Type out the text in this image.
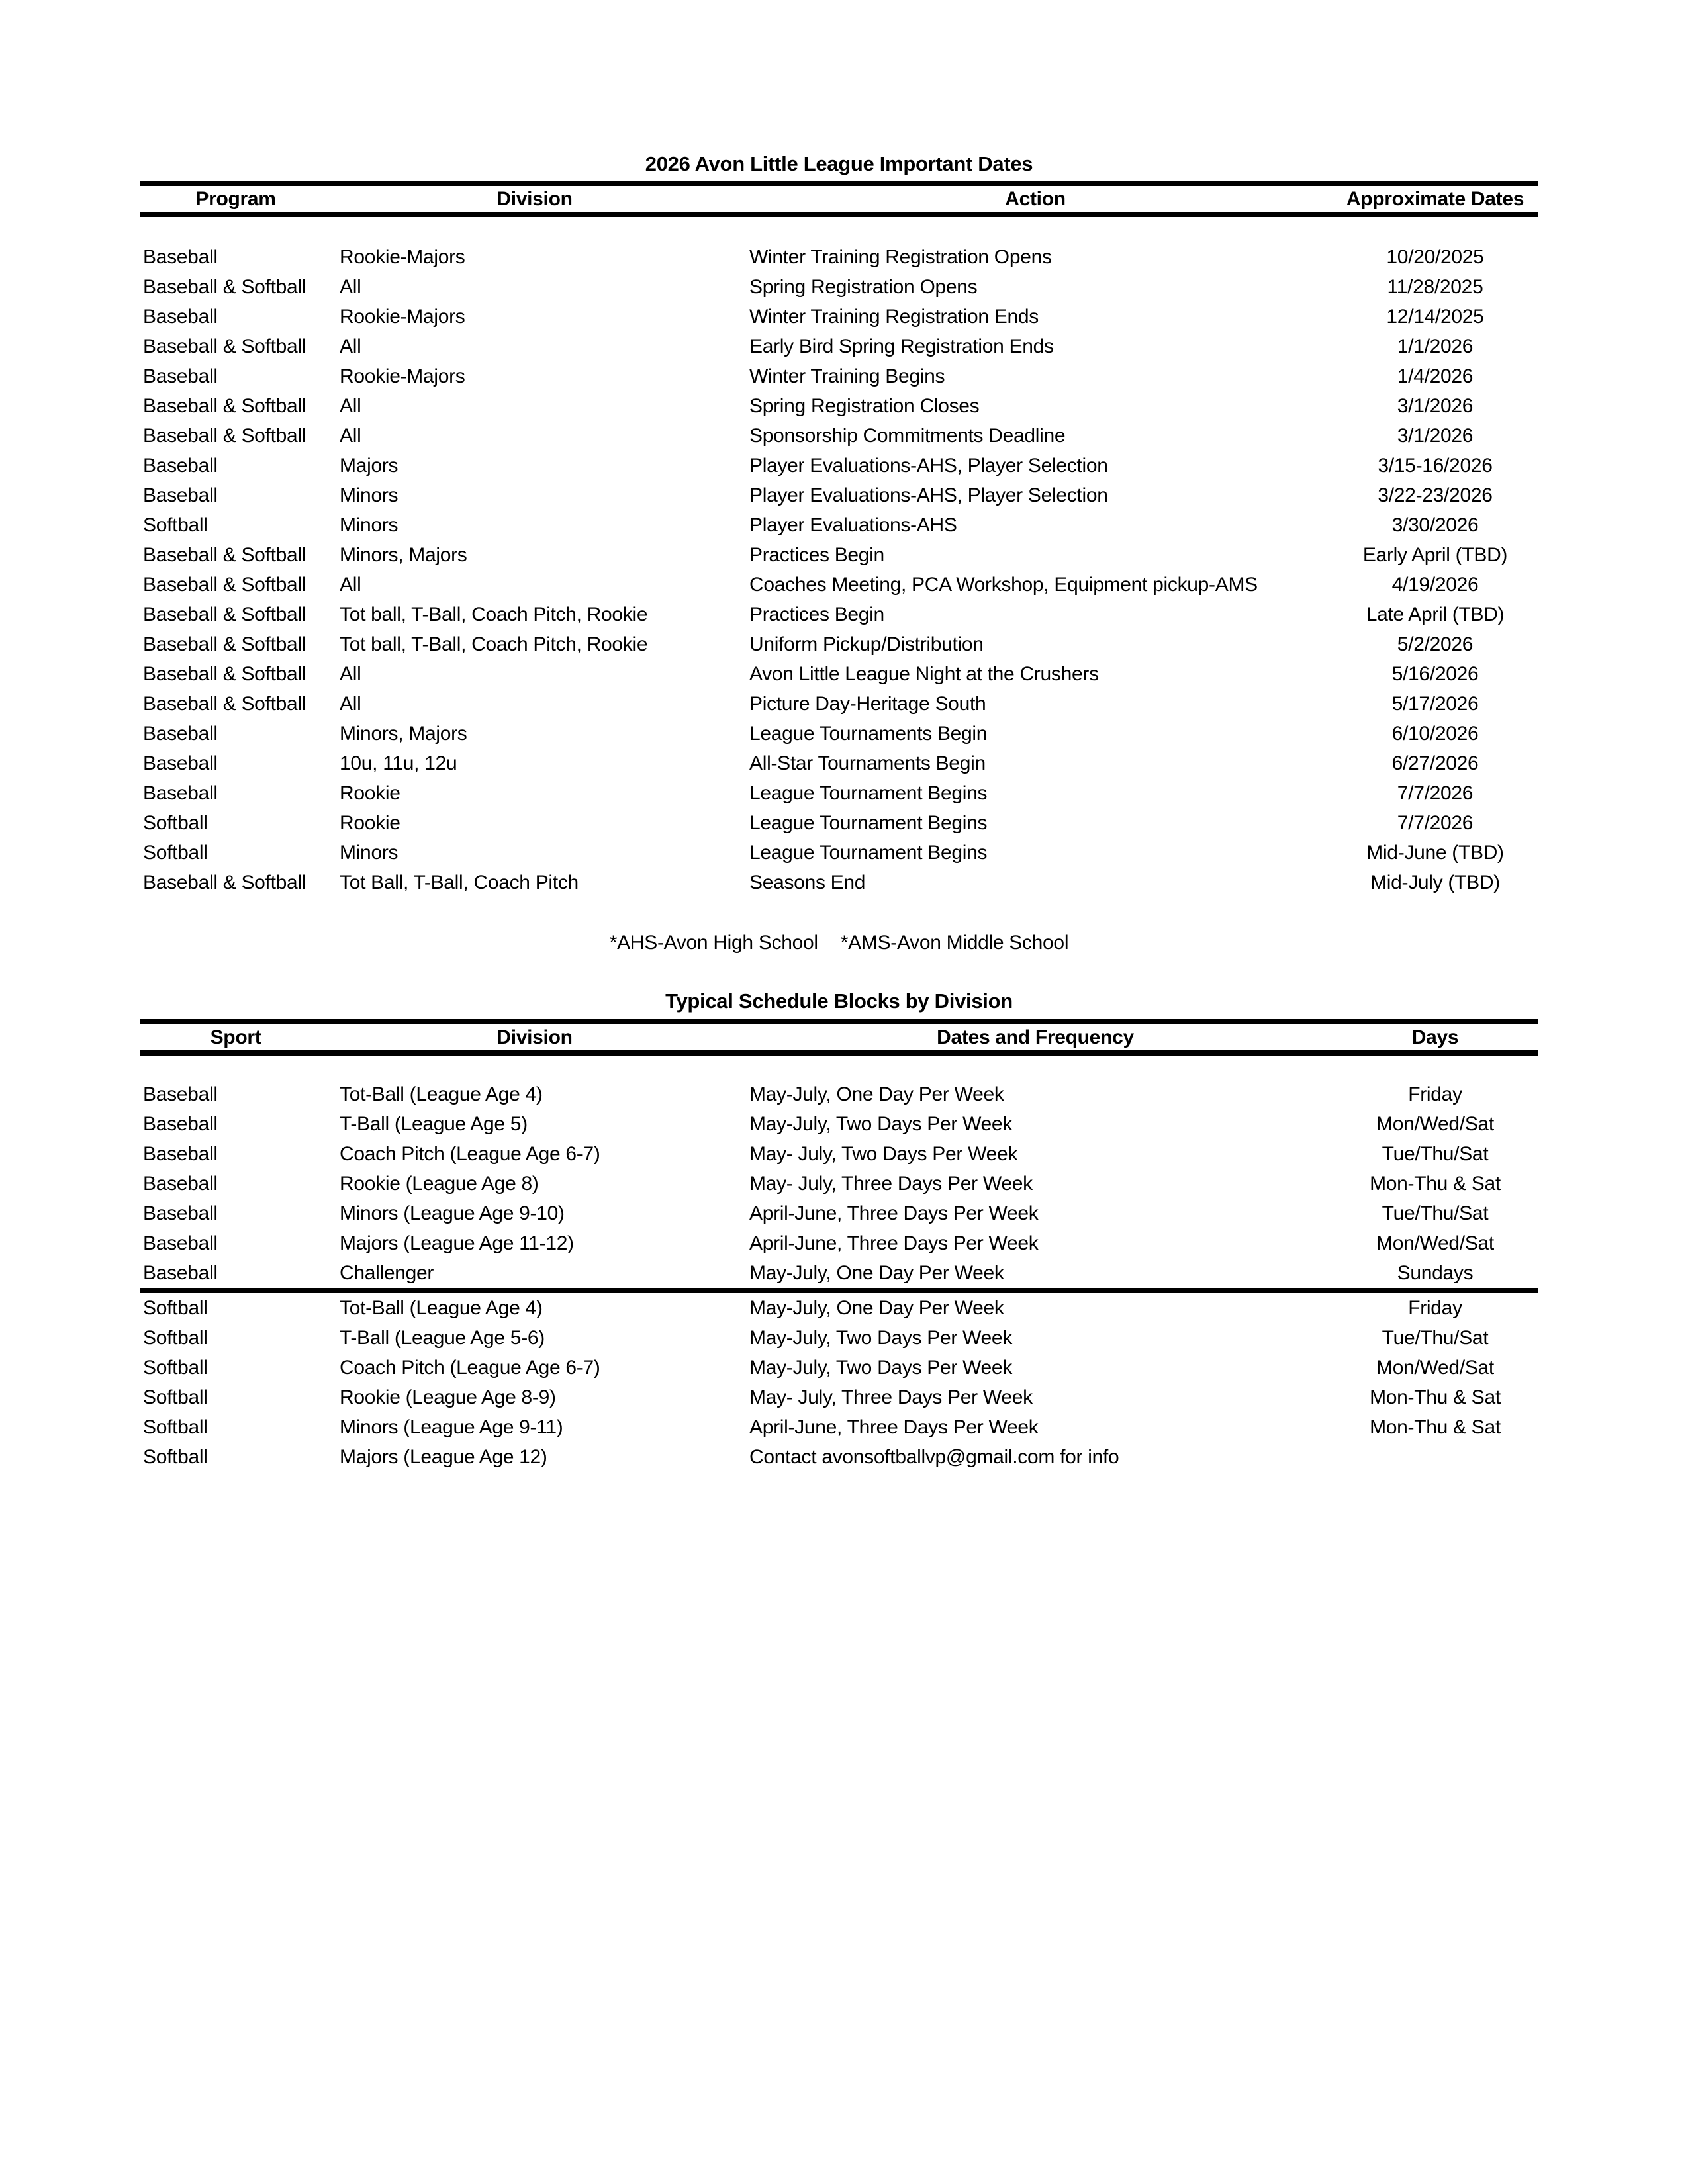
2026 Avon Little League Important Dates
Program	Division	Action	Approximate Dates
Baseball	Rookie-Majors	Winter Training Registration Opens	10/20/2025
Baseball & Softball	All	Spring Registration Opens	11/28/2025
Baseball	Rookie-Majors	Winter Training Registration Ends	12/14/2025
Baseball & Softball	All	Early Bird Spring Registration Ends	1/1/2026
Baseball	Rookie-Majors	Winter Training Begins	1/4/2026
Baseball & Softball	All	Spring Registration Closes	3/1/2026
Baseball & Softball	All	Sponsorship Commitments Deadline	3/1/2026
Baseball	Majors	Player Evaluations-AHS, Player Selection	3/15-16/2026
Baseball	Minors	Player Evaluations-AHS, Player Selection	3/22-23/2026
Softball	Minors	Player Evaluations-AHS	3/30/2026
Baseball & Softball	Minors, Majors	Practices Begin	Early April (TBD)
Baseball & Softball	All	Coaches Meeting, PCA Workshop, Equipment pickup-AMS	4/19/2026
Baseball & Softball	Tot ball, T-Ball, Coach Pitch, Rookie	Practices Begin	Late April (TBD)
Baseball & Softball	Tot ball, T-Ball, Coach Pitch, Rookie	Uniform Pickup/Distribution	5/2/2026
Baseball & Softball	All	Avon Little League Night at the Crushers	5/16/2026
Baseball & Softball	All	Picture Day-Heritage South	5/17/2026
Baseball	Minors, Majors	League Tournaments Begin	6/10/2026
Baseball	10u, 11u, 12u	All-Star Tournaments Begin	6/27/2026
Baseball	Rookie	League Tournament Begins	7/7/2026
Softball	Rookie	League Tournament Begins	7/7/2026
Softball	Minors	League Tournament Begins	Mid-June (TBD)
Baseball & Softball	Tot Ball, T-Ball, Coach Pitch	Seasons End	Mid-July (TBD)
*AHS-Avon High School *AMS-Avon Middle School
Typical Schedule Blocks by Division
Sport	Division	Dates and Frequency	Days
Baseball	Tot-Ball (League Age 4)	May-July, One Day Per Week	Friday
Baseball	T-Ball (League Age 5)	May-July, Two Days Per Week	Mon/Wed/Sat
Baseball	Coach Pitch (League Age 6-7)	May- July, Two Days Per Week	Tue/Thu/Sat
Baseball	Rookie (League Age 8)	May- July, Three Days Per Week	Mon-Thu & Sat
Baseball	Minors (League Age 9-10)	April-June, Three Days Per Week	Tue/Thu/Sat
Baseball	Majors (League Age 11-12)	April-June, Three Days Per Week	Mon/Wed/Sat
Baseball	Challenger	May-July, One Day Per Week	Sundays
Softball	Tot-Ball (League Age 4)	May-July, One Day Per Week	Friday
Softball	T-Ball (League Age 5-6)	May-July, Two Days Per Week	Tue/Thu/Sat
Softball	Coach Pitch (League Age 6-7)	May-July, Two Days Per Week	Mon/Wed/Sat
Softball	Rookie (League Age 8-9)	May- July, Three Days Per Week	Mon-Thu & Sat
Softball	Minors (League Age 9-11)	April-June, Three Days Per Week	Mon-Thu & Sat
Softball	Majors (League Age 12)	Contact avonsoftballvp@gmail.com for info
